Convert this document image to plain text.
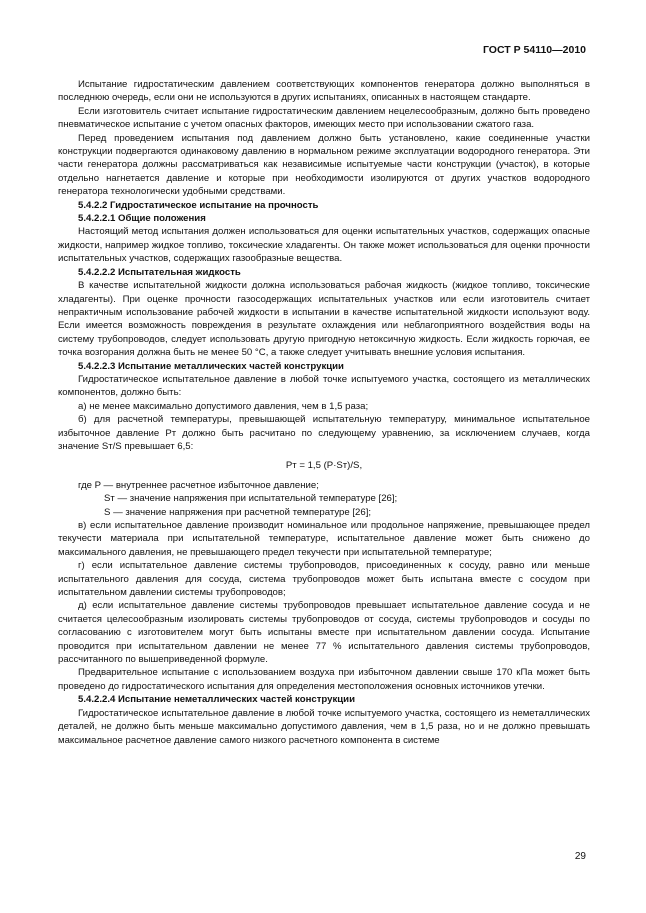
ГОСТ Р 54110—2010

Испытание гидростатическим давлением соответствующих компонентов генератора должно выполняться в последнюю очередь, если они не используются в других испытаниях, описанных в настоящем стандарте.

Если изготовитель считает испытание гидростатическим давлением нецелесообразным, должно быть проведено пневматическое испытание с учетом опасных факторов, имеющих место при использовании сжатого газа.

Перед проведением испытания под давлением должно быть установлено, какие соединенные участки конструкции подвергаются одинаковому давлению в нормальном режиме эксплуатации водородного генератора. Эти части генератора должны рассматриваться как независимые испытуемые части конструкции (участок), в которые отдельно нагнетается давление и которые при необходимости изолируются от других участков водородного генератора технологически удобными средствами.

5.4.2.2 Гидростатическое испытание на прочность

5.4.2.2.1 Общие положения

Настоящий метод испытания должен использоваться для оценки испытательных участков, содержащих опасные жидкости, например жидкое топливо, токсические хладагенты. Он также может использоваться для оценки прочности испытательных участков, содержащих газообразные вещества.

5.4.2.2.2 Испытательная жидкость

В качестве испытательной жидкости должна использоваться рабочая жидкость (жидкое топливо, токсические хладагенты). При оценке прочности газосодержащих испытательных участков или если изготовитель считает непрактичным использование рабочей жидкости в испытании в качестве испытательной жидкости используют воду. Если имеется возможность повреждения в результате охлаждения или неблагоприятного воздействия воды на систему трубопроводов, следует использовать другую пригодную нетоксичную жидкость. Если жидкость горючая, ее точка возгорания должна быть не менее 50 °С, а также следует учитывать внешние условия испытания.

5.4.2.2.3 Испытание металлических частей конструкции

Гидростатическое испытательное давление в любой точке испытуемого участка, состоящего из металлических компонентов, должно быть:

а) не менее максимально допустимого давления, чем в 1,5 раза;

б) для расчетной температуры, превышающей испытательную температуру, минимальное испытательное избыточное давление Pт должно быть расчитано по следующему уравнению, за исключением случаев, когда значение Sт/S превышает 6,5:

Pт = 1,5 (P·Sт)/S,

где P — внутреннее расчетное избыточное давление;

Sт — значение напряжения при испытательной температуре [26];

S — значение напряжения при расчетной температуре [26];

в) если испытательное давление производит номинальное или продольное напряжение, превышающее предел текучести материала при испытательной температуре, испытательное давление может быть снижено до максимального давления, не превышающего предел текучести при испытательной температуре;

г) если испытательное давление системы трубопроводов, присоединенных к сосуду, равно или меньше испытательного давления для сосуда, система трубопроводов может быть испытана вместе с сосудом при испытательном давлении системы трубопроводов;

д) если испытательное давление системы трубопроводов превышает испытательное давление сосуда и не считается целесообразным изолировать системы трубопроводов от сосуда, системы трубопроводов и сосуды по согласованию с изготовителем могут быть испытаны вместе при испытательном давлении сосуда. Испытание проводится при испытательном давлении не менее 77 % испытательного давления системы трубопроводов, рассчитанного по вышеприведенной формуле.

Предварительное испытание с использованием воздуха при избыточном давлении свыше 170 кПа может быть проведено до гидростатического испытания для определения местоположения основных источников утечки.

5.4.2.2.4 Испытание неметаллических частей конструкции

Гидростатическое испытательное давление в любой точке испытуемого участка, состоящего из неметаллических деталей, не должно быть меньше максимально допустимого давления, чем в 1,5 раза, но и не должно превышать максимальное расчетное давление самого низкого расчетного компонента в системе

29
